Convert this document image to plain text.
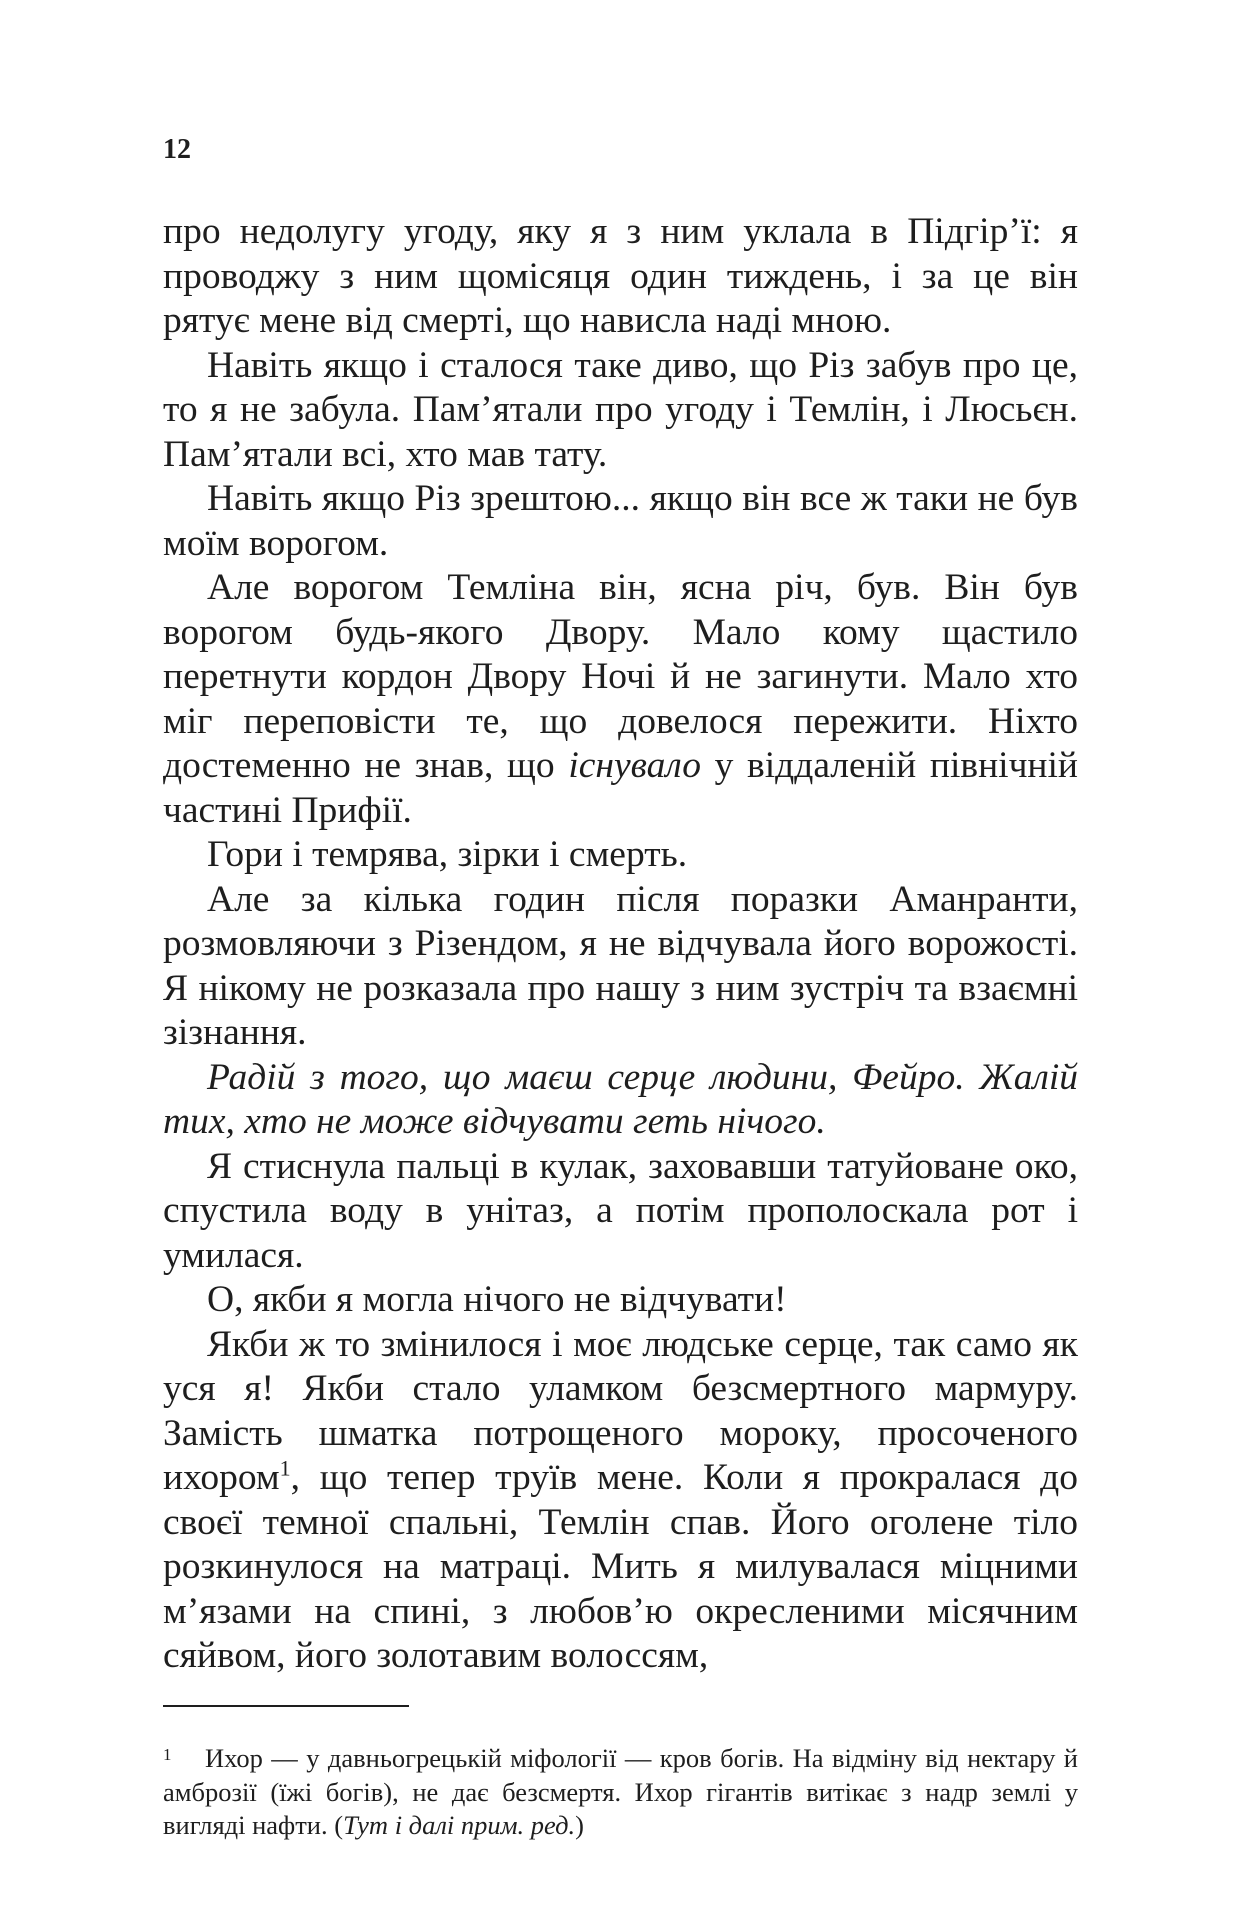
12

про недолугу угоду, яку я з ним уклала в Підгір’ї: я проводжу з ним щомісяця один тиждень, і за це він рятує мене від смерті, що нависла наді мною.

Навіть якщо і сталося таке диво, що Різ забув про це, то я не забула. Пам’ятали про угоду і Темлін, і Люсьєн. Пам’ятали всі, хто мав тату.

Навіть якщо Різ зрештою... якщо він все ж таки не був моїм ворогом.

Але ворогом Темліна він, ясна річ, був. Він був ворогом будь-якого Двору. Мало кому щастило перетнути кордон Двору Ночі й не загинути. Мало хто міг переповісти те, що довелося пережити. Ніхто достеменно не знав, що існувало у віддаленій північній частині Прифії.

Гори і темрява, зірки і смерть.

Але за кілька годин після поразки Аманранти, розмовляючи з Різендом, я не відчувала його ворожості. Я нікому не розказала про нашу з ним зустріч та взаємні зізнання.

Радій з того, що маєш серце людини, Фейро. Жалій тих, хто не може відчувати геть нічого.

Я стиснула пальці в кулак, заховавши татуйоване око, спустила воду в унітаз, а потім прополоскала рот і умилася.

О, якби я могла нічого не відчувати!

Якби ж то змінилося і моє людське серце, так само як уся я! Якби стало уламком безсмертного мармуру. Замість шматка потрощеного мороку, просоченого ихором$^1$, що тепер труїв мене. Коли я прокралася до своєї темної спальні, Темлін спав. Його оголене тіло розкинулося на матраці. Мить я милувалася міцними м’язами на спині, з любов’ю окресленими місячним сяйвом, його золотавим волоссям,

1	Ихор — у давньогрецькій міфології — кров богів. На відміну від нектару й амброзії (їжі богів), не дає безсмертя. Ихор гігантів витікає з надр землі у вигляді нафти. (Тут і далі прим. ред.)
